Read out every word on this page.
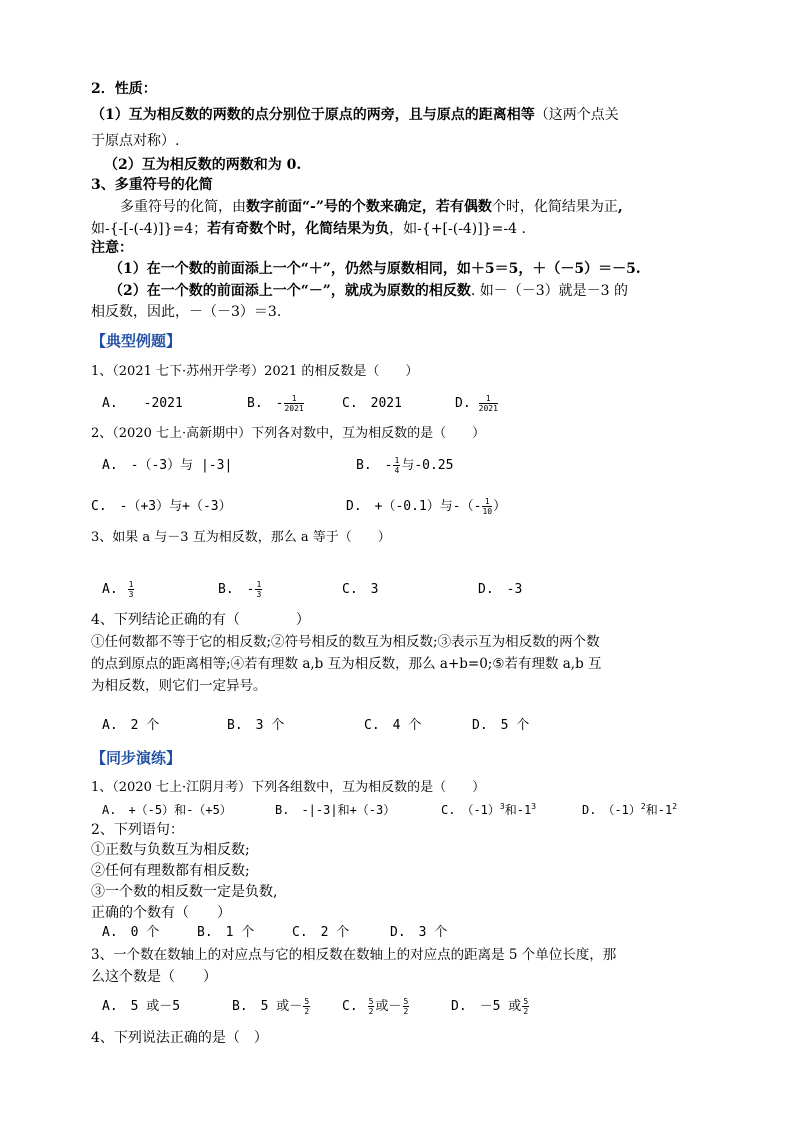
2．性质：
（1）互为相反数的两数的点分别位于原点的两旁，且与原点的距离相等（这两个点关
于原点对称）.
（2）互为相反数的两数和为 0.
3、多重符号的化简
多重符号的化简，由数字前面“-”号的个数来确定，若有偶数个时，化简结果为正,
如-{-[-(-4)]}=4；若有奇数个时，化简结果为负，如-{+[-(-4)]}=-4 .
注意：
（1）在一个数的前面添上一个“＋”，仍然与原数相同，如＋5＝5，＋（－5）＝－5.
（2）在一个数的前面添上一个“－”，就成为原数的相反数. 如－（－3）就是－3 的
相反数，因此，－（－3）＝3.
【典型例题】
1、（2021 七下·苏州开学考）2021 的相反数是（　　）
A.　　-2021	B.　- $\frac{1}{2021}$	C.　2021	D. $\frac{1}{2021}$
2、（2020 七上·高新期中）下列各对数中，互为相反数的是（　　）
A.　-（-3）与 |-3|	B.　- $\frac{1}{4}$ 与-0.25
C.　-（+3）与+（-3）	D.　+（-0.1）与-（- $\frac{1}{10}$ ）
3、如果 a 与－3 互为相反数，那么 a 等于（　　）
A. $\frac{1}{3}$	B.　- $\frac{1}{3}$	C.　3	D.　-3
4、下列结论正确的有（　　　　）
①任何数都不等于它的相反数;②符号相反的数互为相反数;③表示互为相反数的两个数
的点到原点的距离相等;④若有理数 a,b 互为相反数，那么 a+b=0;⑤若有理数 a,b 互
为相反数，则它们一定异号。
A.　2 个	B.　3 个	C.　4 个	D.　5 个
【同步演练】
1、（2020 七上·江阴月考）下列各组数中，互为相反数的是（　　）
A.　+（-5）和-（+5）	B.　-|-3|和+（-3）	C.　$(-1)^3$和$-1^3$	D.　$(-1)^2$和$-1^2$
2、下列语句：
①正数与负数互为相反数;
②任何有理数都有相反数;
③一个数的相反数一定是负数,
正确的个数有（　　）
A.　0 个	B.　1 个	C.　2 个	D.　3 个
3、一个数在数轴上的对应点与它的相反数在数轴上的对应点的距离是 5 个单位长度，那
么这个数是（　　）
A.　5 或－5	B.　5 或－ $\frac{5}{2} C$. $\frac{5}{2}$ 或－ $\frac{5}{2}$	D.　－5 或 $\frac{5}{2}$
4、下列说法正确的是（　）
